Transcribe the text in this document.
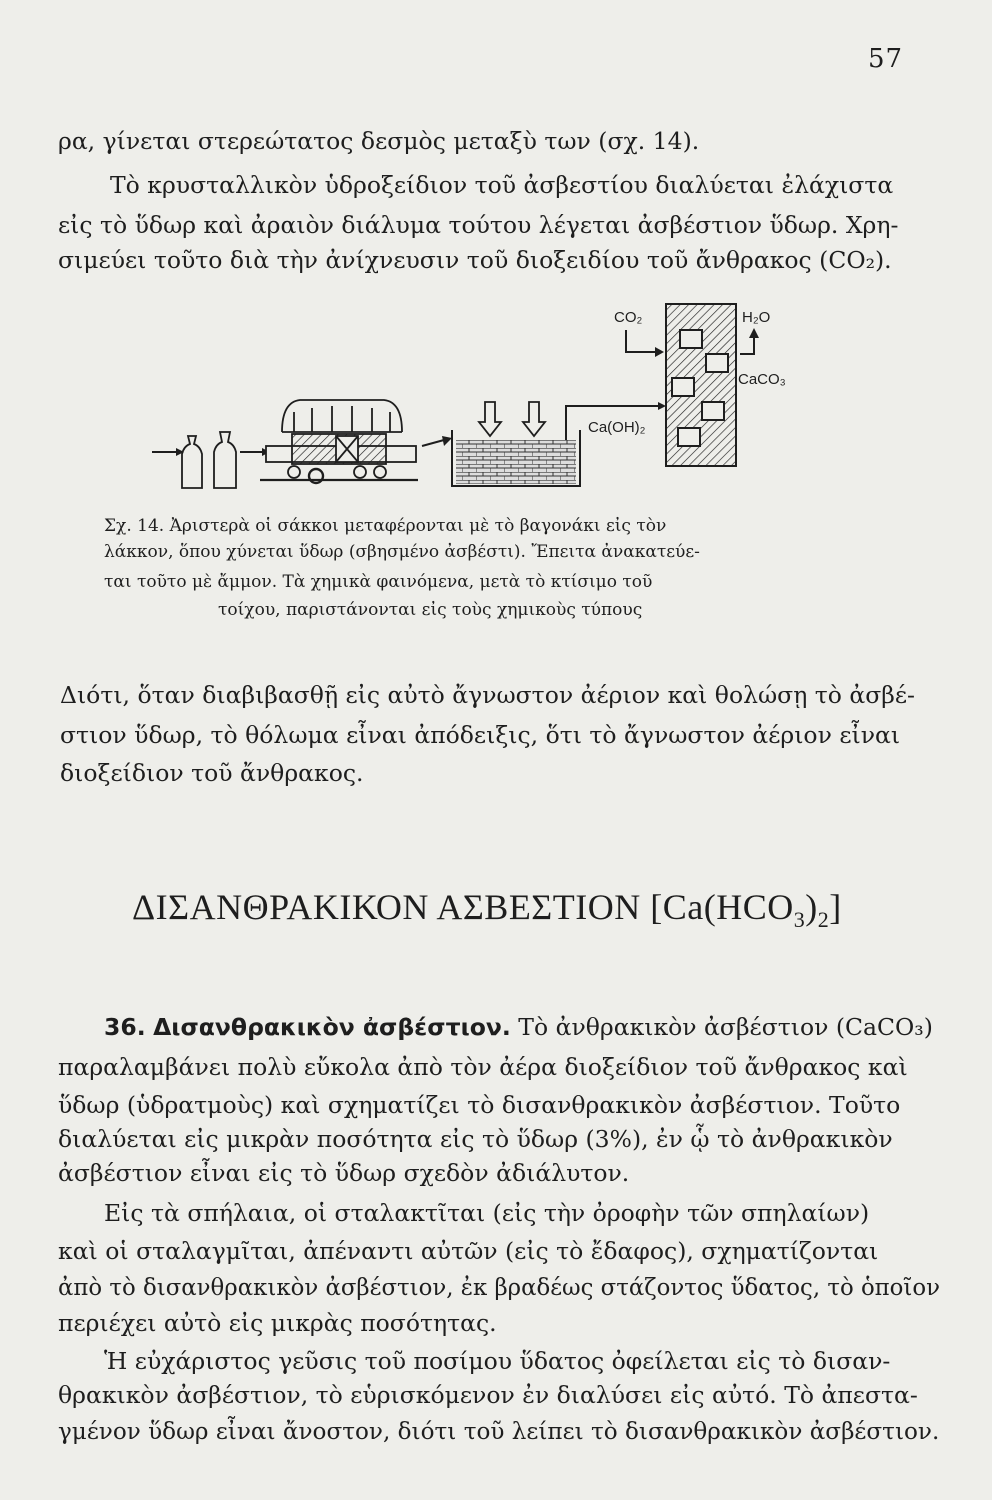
57
ρα, γίνεται στερεώτατος δεσμὸς μεταξὺ των (σχ. 14).
Τὸ κρυσταλλικὸν ὑδροξείδιον τοῦ ἀσβεστίου διαλύεται ἐλάχιστα
εἰς τὸ ὕδωρ καὶ ἀραιὸν διάλυμα τούτου λέγεται ἀσβέστιον ὕδωρ. Χρη-
σιμεύει τοῦτο διὰ τὴν ἀνίχνευσιν τοῦ διοξειδίου τοῦ ἄνθρακος (CO₂).
CO₂	H₂O
CaCO₃
Ca(OH)₂
Σχ. 14. Ἀριστερὰ οἱ σάκκοι μεταφέρονται μὲ τὸ βαγονάκι εἰς τὸν
λάκκον, ὅπου χύνεται ὕδωρ (σβησμένο ἀσβέστι). Ἔπειτα ἀνακατεύε-
ται τοῦτο μὲ ἄμμον. Τὰ χημικὰ φαινόμενα, μετὰ τὸ κτίσιμο τοῦ
τοίχου, παριστάνονται εἰς τοὺς χημικοὺς τύπους
Διότι, ὅταν διαβιβασθῇ εἰς αὐτὸ ἄγνωστον ἀέριον καὶ θολώσῃ τὸ ἀσβέ-
στιον ὕδωρ, τὸ θόλωμα εἶναι ἀπόδειξις, ὅτι τὸ ἄγνωστον ἀέριον εἶναι
διοξείδιον τοῦ ἄνθρακος.
ΔΙΣΑΝΘΡΑΚΙΚΟΝ ΑΣΒΕΣΤΙΟΝ $[Ca(HCO_3)_2]$
36. Δισανθρακικὸν ἀσβέστιον. Τὸ ἀνθρακικὸν ἀσβέστιον (CaCO₃)
παραλαμβάνει πολὺ εὔκολα ἀπὸ τὸν ἀέρα διοξείδιον τοῦ ἄνθρακος καὶ
ὕδωρ (ὑδρατμοὺς) καὶ σχηματίζει τὸ δισανθρακικὸν ἀσβέστιον. Τοῦτο
διαλύεται εἰς μικρὰν ποσότητα εἰς τὸ ὕδωρ (3%), ἐν ᾧ τὸ ἀνθρακικὸν
ἀσβέστιον εἶναι εἰς τὸ ὕδωρ σχεδὸν ἀδιάλυτον.
Εἰς τὰ σπήλαια, οἱ σταλακτῖται (εἰς τὴν ὀροφὴν τῶν σπηλαίων)
καὶ οἱ σταλαγμῖται, ἀπέναντι αὐτῶν (εἰς τὸ ἔδαφος), σχηματίζονται
ἀπὸ τὸ δισανθρακικὸν ἀσβέστιον, ἐκ βραδέως στάζοντος ὕδατος, τὸ ὁποῖον
περιέχει αὐτὸ εἰς μικρὰς ποσότητας.
Ἡ εὐχάριστος γεῦσις τοῦ ποσίμου ὕδατος ὀφείλεται εἰς τὸ δισαν-
θρακικὸν ἀσβέστιον, τὸ εὑρισκόμενον ἐν διαλύσει εἰς αὐτό. Τὸ ἀπεστα-
γμένον ὕδωρ εἶναι ἄνοστον, διότι τοῦ λείπει τὸ δισανθρακικὸν ἀσβέστιον.
